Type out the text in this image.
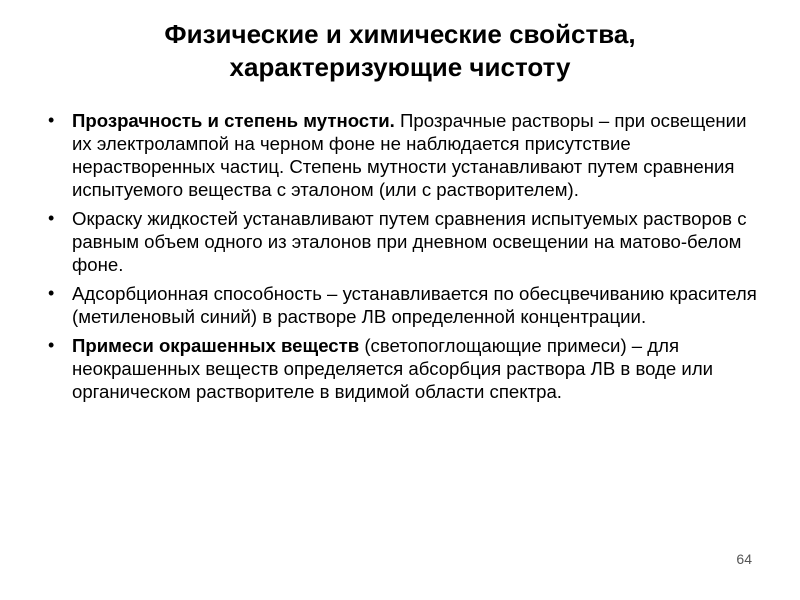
Физические и химические свойства,
характеризующие чистоту
• Прозрачность и степень мутности. Прозрачные растворы – при освещении их электролампой на черном фоне не наблюдается присутствие нерастворенных частиц. Степень мутности устанавливают путем сравнения испытуемого вещества с эталоном (или с растворителем).
• Окраску жидкостей устанавливают путем сравнения испытуемых растворов с равным объем одного из эталонов при дневном освещении на матово-белом фоне.
• Адсорбционная способность – устанавливается по обесцвечиванию красителя (метиленовый синий) в растворе ЛВ определенной концентрации.
• Примеси окрашенных веществ (светопоглощающие примеси) – для неокрашенных веществ определяется абсорбция раствора ЛВ в воде или органическом растворителе в видимой области спектра.
64
